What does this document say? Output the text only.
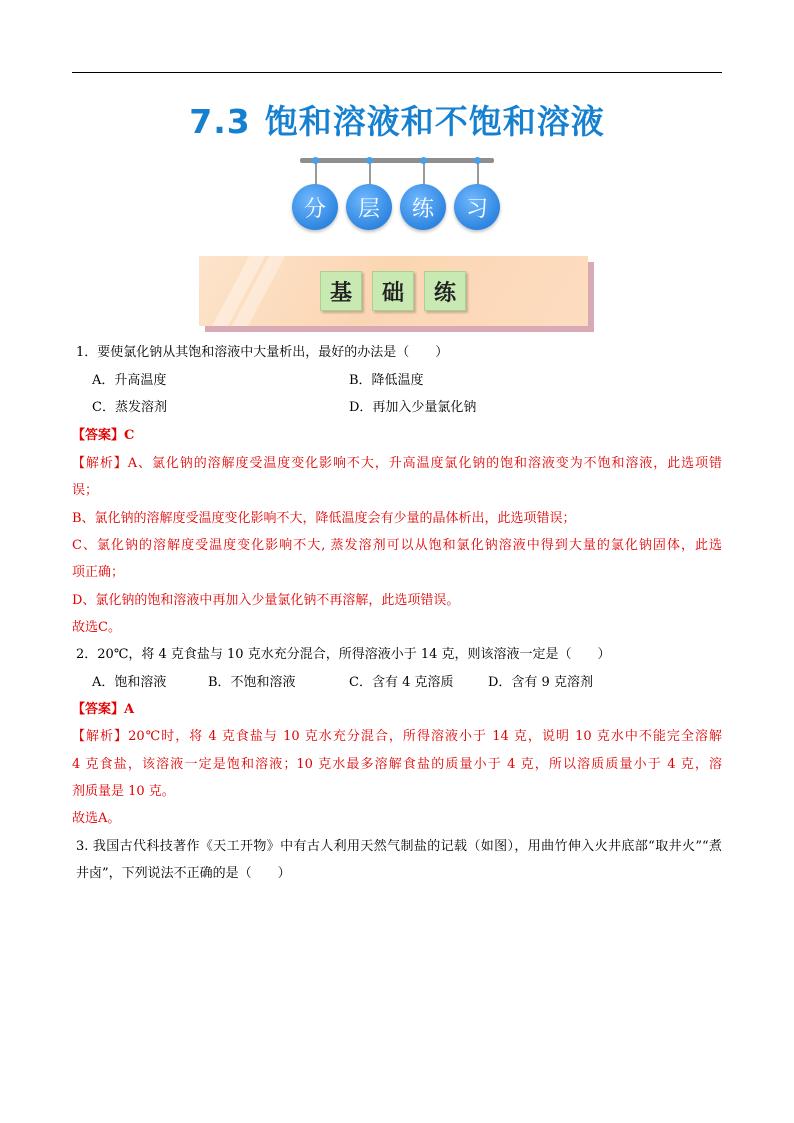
7.3 饱和溶液和不饱和溶液
分	层	练	习
基	础	练
1．要使氯化钠从其饱和溶液中大量析出，最好的办法是（　　）
A．升高温度	B．降低温度
C．蒸发溶剂	D．再加入少量氯化钠
【答案】C
【解析】A、氯化钠的溶解度受温度变化影响不大，升高温度氯化钠的饱和溶液变为不饱和溶液，此选项错
误；
B、氯化钠的溶解度受温度变化影响不大，降低温度会有少量的晶体析出，此选项错误；
C、氯化钠的溶解度受温度变化影响不大, 蒸发溶剂可以从饱和氯化钠溶液中得到大量的氯化钠固体，此选
项正确；
D、氯化钠的饱和溶液中再加入少量氯化钠不再溶解，此选项错误。
故选C。
2．20℃，将 4 克食盐与 10 克水充分混合，所得溶液小于 14 克，则该溶液一定是（　　）
A．饱和溶液	B．不饱和溶液	C．含有 4 克溶质	D．含有 9 克溶剂
【答案】A
【解析】20℃时，将 4 克食盐与 10 克水充分混合，所得溶液小于 14 克，说明 10 克水中不能完全溶解
4 克食盐，该溶液一定是饱和溶液；10 克水最多溶解食盐的质量小于 4 克，所以溶质质量小于 4 克，溶
剂质量是 10 克。
故选A。
3. 我国古代科技著作《天工开物》中有古人利用天然气制盐的记载（如图），用曲竹伸入火井底部“取井火”“煮
井卤”，下列说法不正确的是（　　）
